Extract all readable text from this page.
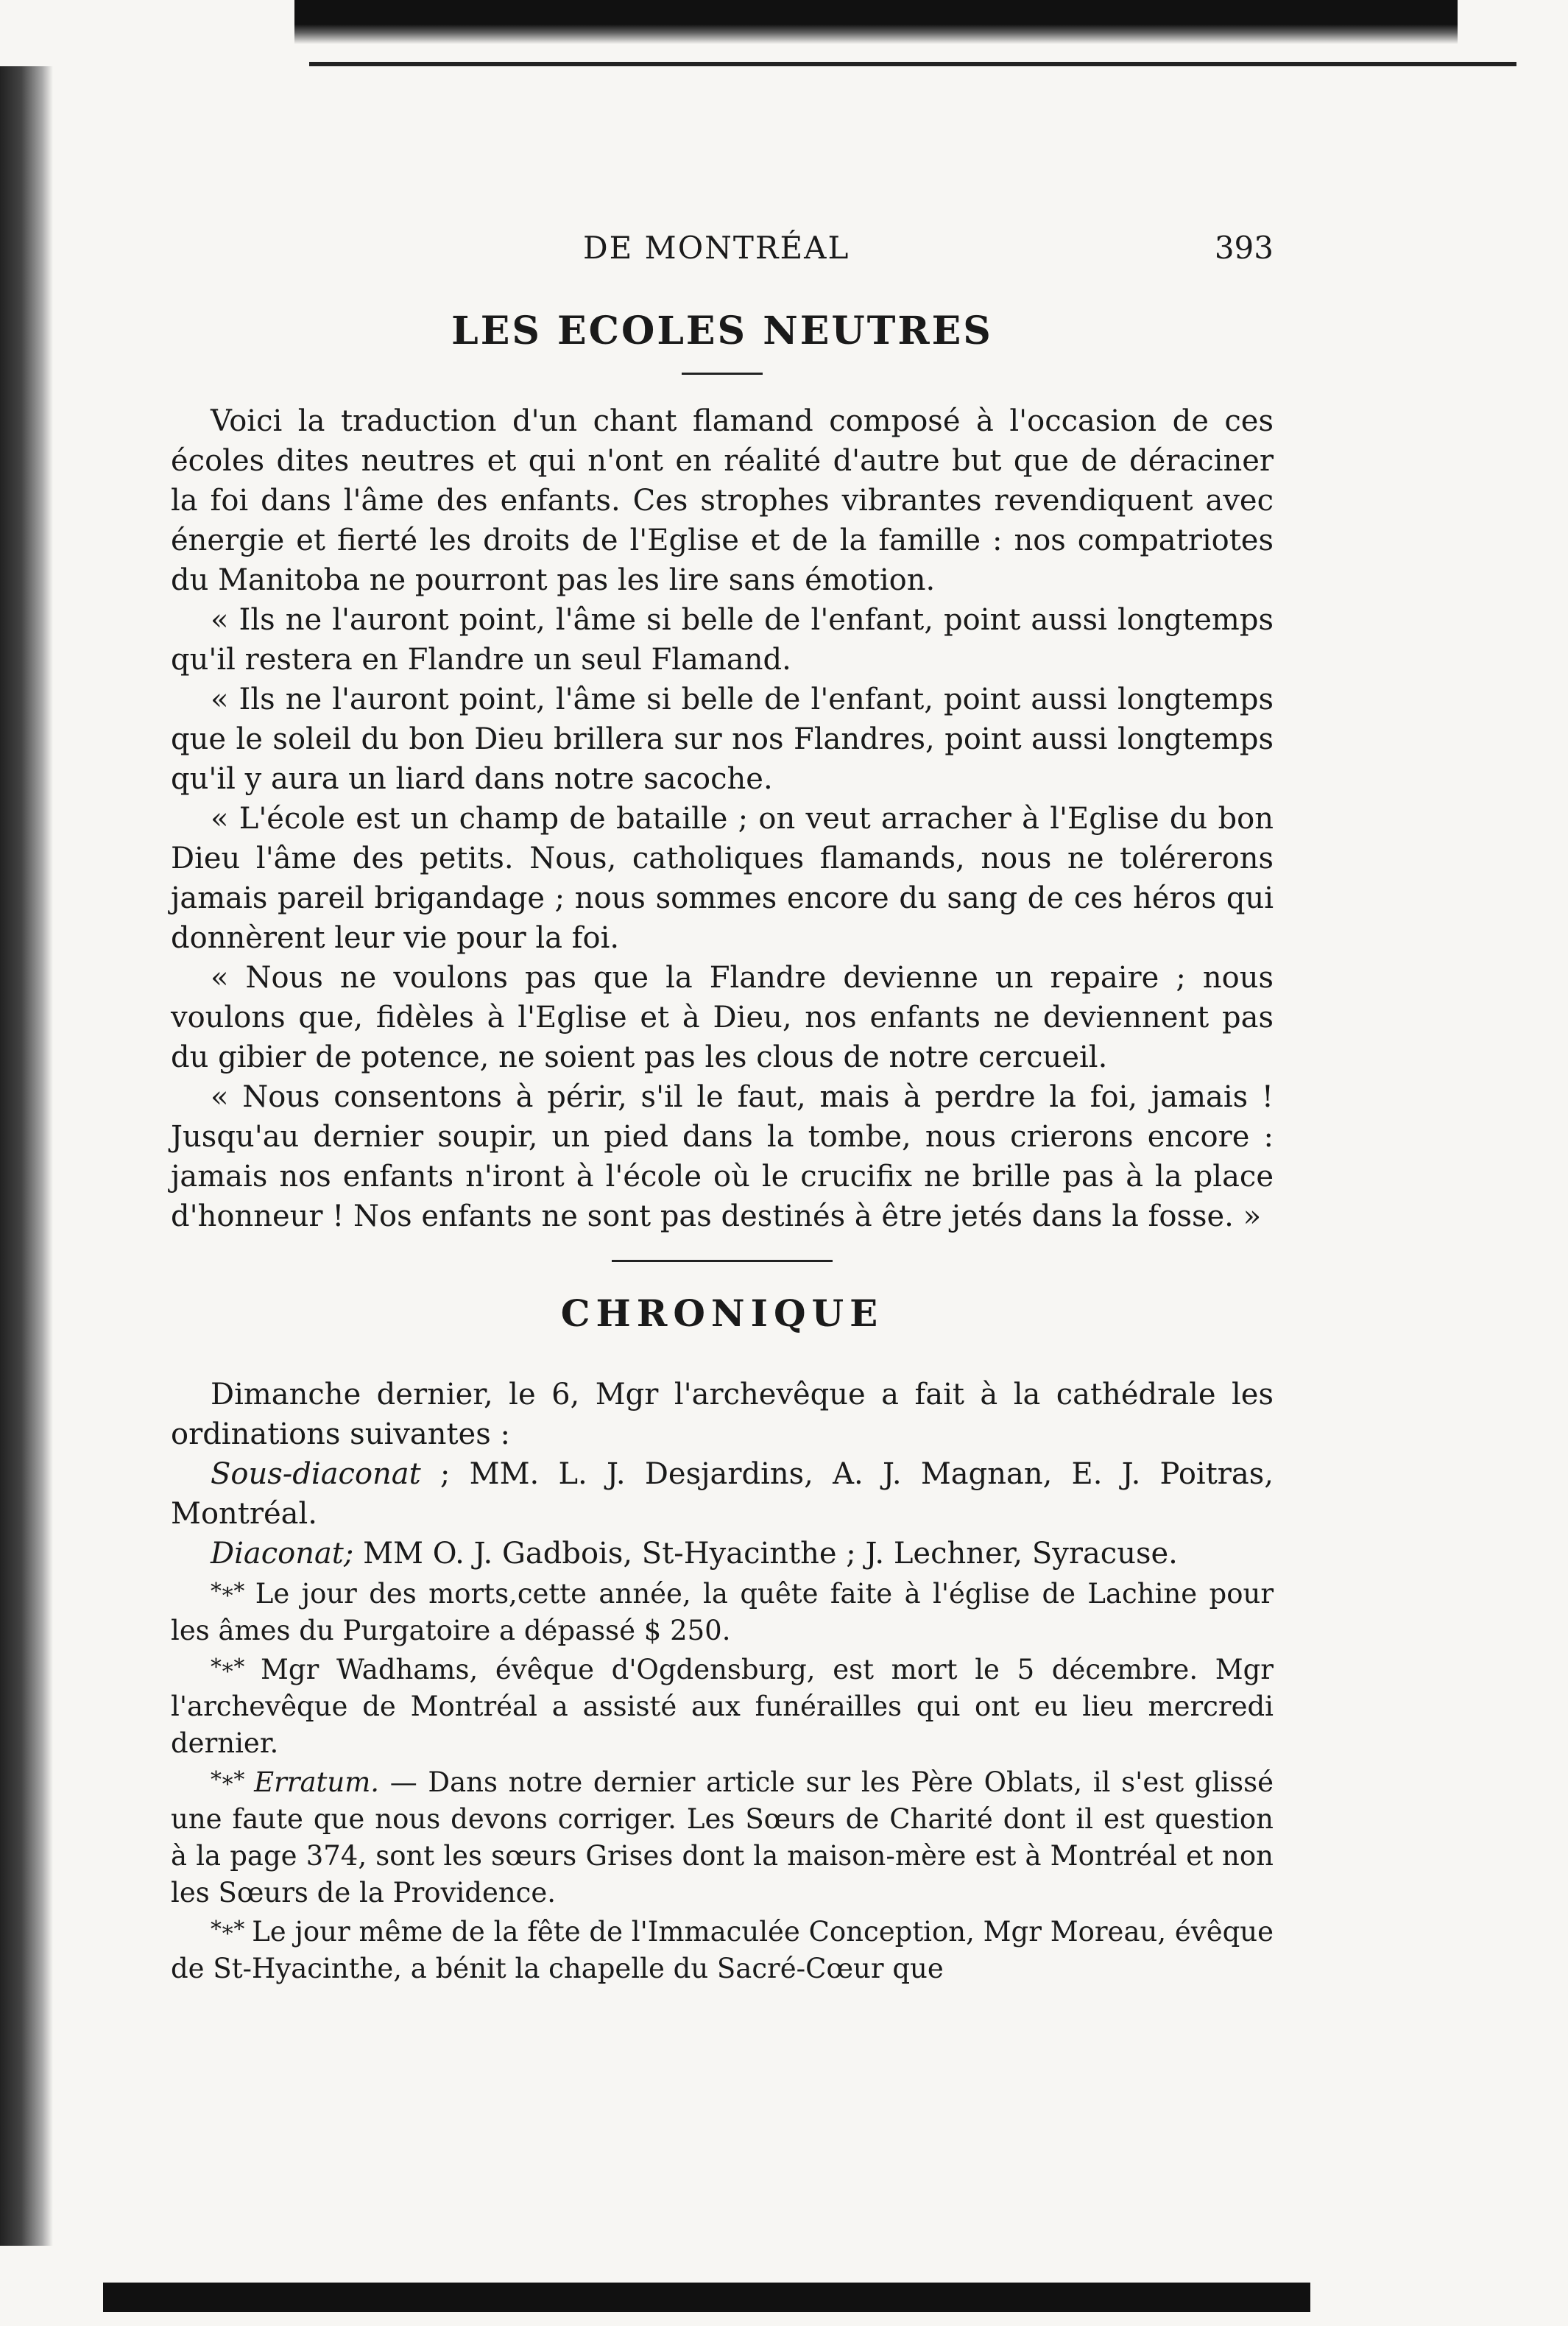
DE MONTRÉAL	393
LES ECOLES NEUTRES

Voici la traduction d'un chant flamand composé à l'occasion de ces écoles dites neutres et qui n'ont en réalité d'autre but que de déraciner la foi dans l'âme des enfants. Ces strophes vibrantes revendiquent avec énergie et fierté les droits de l'Eglise et de la famille : nos compatriotes du Manitoba ne pourront pas les lire sans émotion.

« Ils ne l'auront point, l'âme si belle de l'enfant, point aussi longtemps qu'il restera en Flandre un seul Flamand.

« Ils ne l'auront point, l'âme si belle de l'enfant, point aussi longtemps que le soleil du bon Dieu brillera sur nos Flandres, point aussi longtemps qu'il y aura un liard dans notre sacoche.

« L'école est un champ de bataille ; on veut arracher à l'Eglise du bon Dieu l'âme des petits. Nous, catholiques flamands, nous ne tolérerons jamais pareil brigandage ; nous sommes encore du sang de ces héros qui donnèrent leur vie pour la foi.

« Nous ne voulons pas que la Flandre devienne un repaire ; nous voulons que, fidèles à l'Eglise et à Dieu, nos enfants ne deviennent pas du gibier de potence, ne soient pas les clous de notre cercueil.

« Nous consentons à périr, s'il le faut, mais à perdre la foi, jamais ! Jusqu'au dernier soupir, un pied dans la tombe, nous crierons encore : jamais nos enfants n'iront à l'école où le crucifix ne brille pas à la place d'honneur ! Nos enfants ne sont pas destinés à être jetés dans la fosse. »

CHRONIQUE

Dimanche dernier, le 6, Mgr l'archevêque a fait à la cathédrale les ordinations suivantes :

Sous-diaconat ; MM. L. J. Desjardins, A. J. Magnan, E. J. Poitras, Montréal.

Diaconat; MM O. J. Gadbois, St-Hyacinthe ; J. Lechner, Syracuse.

*∗* Le jour des morts,cette année, la quête faite à l'église de Lachine pour les âmes du Purgatoire a dépassé $ 250.

*∗* Mgr Wadhams, évêque d'Ogdensburg, est mort le 5 décembre. Mgr l'archevêque de Montréal a assisté aux funérailles qui ont eu lieu mercredi dernier.

*∗* Erratum. — Dans notre dernier article sur les Père Oblats, il s'est glissé une faute que nous devons corriger. Les Sœurs de Charité dont il est question à la page 374, sont les sœurs Grises dont la maison-mère est à Montréal et non les Sœurs de la Providence.

*∗* Le jour même de la fête de l'Immaculée Conception, Mgr Moreau, évêque de St-Hyacinthe, a bénit la chapelle du Sacré-Cœur que
